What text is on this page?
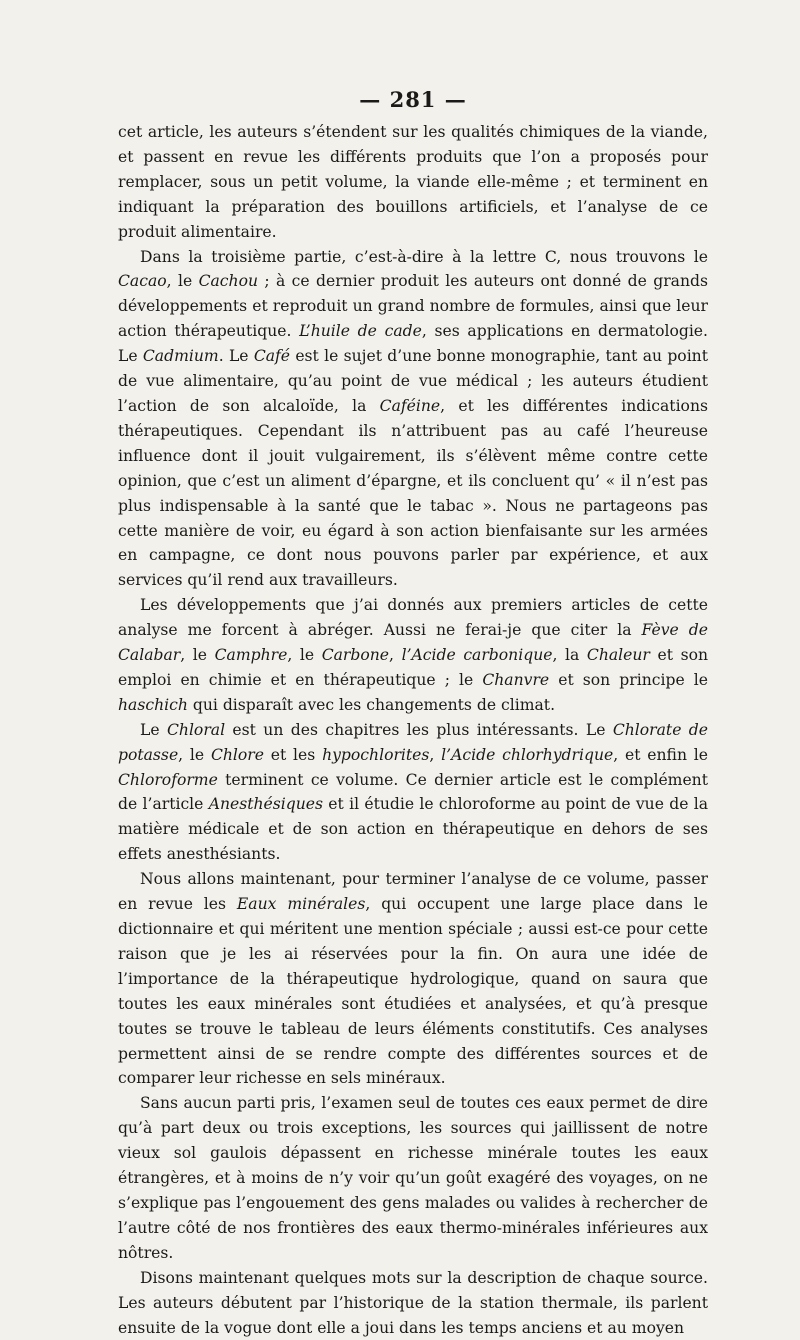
— 281 —

cet article, les auteurs s’étendent sur les qualités chimiques de la viande, et passent en revue les différents produits que l’on a proposés pour remplacer, sous un petit volume, la viande elle-même ; et terminent en indiquant la préparation des bouillons artificiels, et l’analyse de ce produit alimentaire.

Dans la troisième partie, c’est-à-dire à la lettre C, nous trouvons le Cacao, le Cachou ; à ce dernier produit les auteurs ont donné de grands développements et reproduit un grand nombre de formules, ainsi que leur action thérapeutique. L’huile de cade, ses applications en dermatologie. Le Cadmium. Le Café est le sujet d’une bonne monographie, tant au point de vue alimentaire, qu’au point de vue médical ; les auteurs étudient l’action de son alcaloïde, la Caféine, et les différentes indications thérapeutiques. Cependant ils n’attribuent pas au café l’heureuse influence dont il jouit vulgairement, ils s’élèvent même contre cette opinion, que c’est un aliment d’épargne, et ils concluent qu’ « il n’est pas plus indispensable à la santé que le tabac ». Nous ne partageons pas cette manière de voir, eu égard à son action bienfaisante sur les armées en campagne, ce dont nous pouvons parler par expérience, et aux services qu’il rend aux travailleurs.

Les développements que j’ai donnés aux premiers articles de cette analyse me forcent à abréger. Aussi ne ferai-je que citer la Fève de Calabar, le Camphre, le Carbone, l’Acide carbonique, la Chaleur et son emploi en chimie et en thérapeutique ; le Chanvre et son principe le haschich qui disparaît avec les changements de climat.

Le Chloral est un des chapitres les plus intéressants. Le Chlorate de potasse, le Chlore et les hypochlorites, l’Acide chlorhydrique, et enfin le Chloroforme terminent ce volume. Ce dernier article est le complément de l’article Anesthésiques et il étudie le chloroforme au point de vue de la matière médicale et de son action en thérapeutique en dehors de ses effets anesthésiants.

Nous allons maintenant, pour terminer l’analyse de ce volume, passer en revue les Eaux minérales, qui occupent une large place dans le dictionnaire et qui méritent une mention spéciale ; aussi est-ce pour cette raison que je les ai réservées pour la fin. On aura une idée de l’importance de la thérapeutique hydrologique, quand on saura que toutes les eaux minérales sont étudiées et analysées, et qu’à presque toutes se trouve le tableau de leurs éléments constitutifs. Ces analyses permettent ainsi de se rendre compte des différentes sources et de comparer leur richesse en sels minéraux.

Sans aucun parti pris, l’examen seul de toutes ces eaux permet de dire qu’à part deux ou trois exceptions, les sources qui jaillissent de notre vieux sol gaulois dépassent en richesse minérale toutes les eaux étrangères, et à moins de n’y voir qu’un goût exagéré des voyages, on ne s’explique pas l’engouement des gens malades ou valides à rechercher de l’autre côté de nos frontières des eaux thermo-minérales inférieures aux nôtres.

Disons maintenant quelques mots sur la description de chaque source. Les auteurs débutent par l’historique de la station thermale, ils parlent ensuite de la vogue dont elle a joui dans les temps anciens et au moyen
